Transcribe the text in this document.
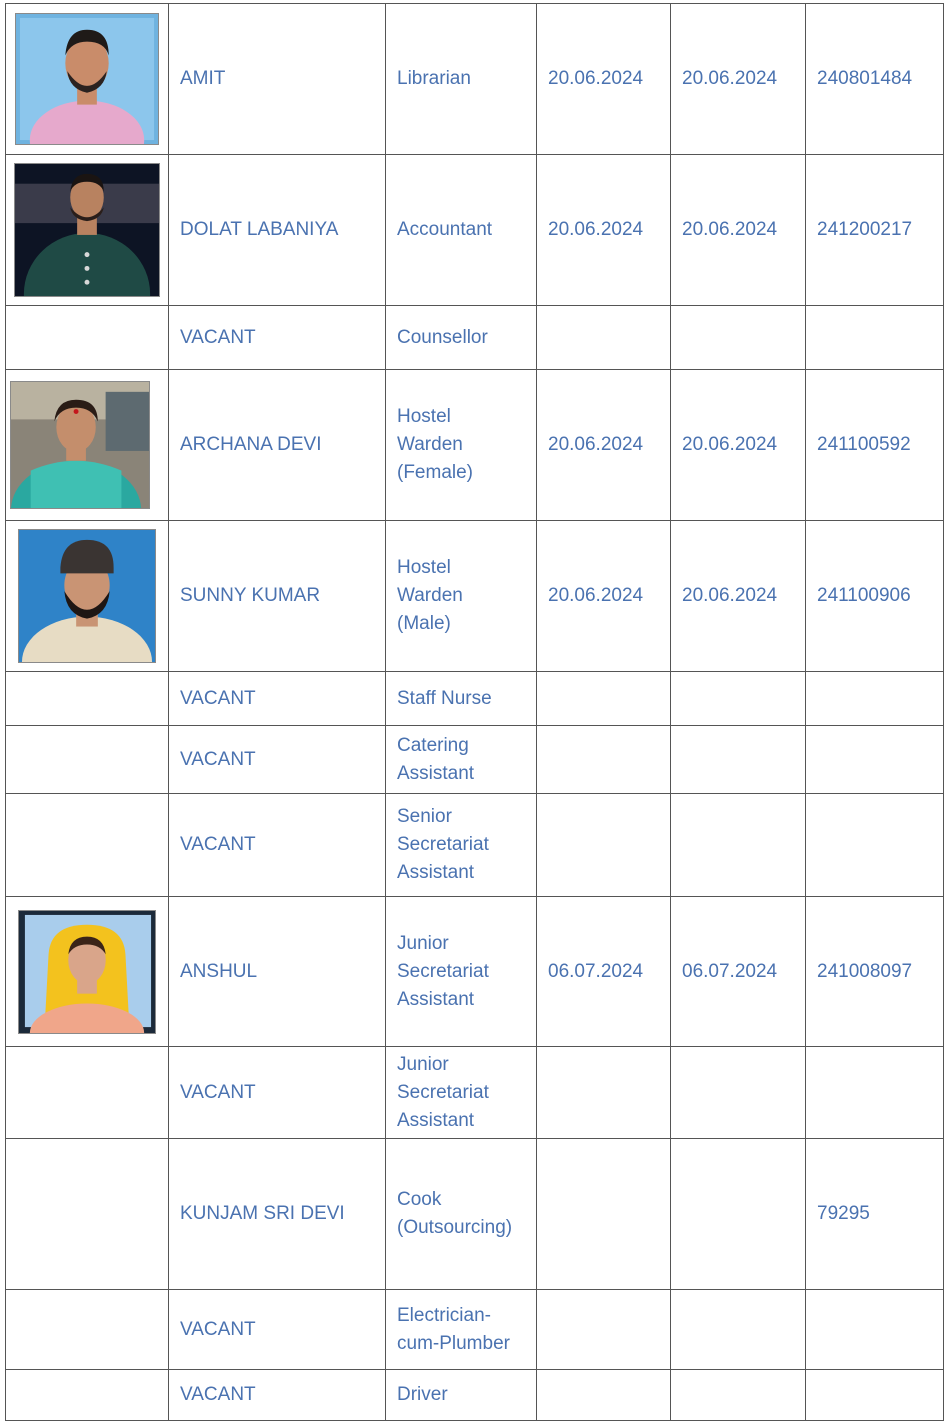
	AMIT	Librarian	20.06.2024	20.06.2024	240801484

	DOLAT LABANIYA	Accountant	20.06.2024	20.06.2024	241200217
	VACANT	Counsellor			

	ARCHANA DEVI	Hostel
Warden
(Female)	20.06.2024	20.06.2024	241100592

	SUNNY KUMAR	Hostel
Warden
(Male)	20.06.2024	20.06.2024	241100906
	VACANT	Staff Nurse			
	VACANT	Catering
Assistant			
	VACANT	Senior
Secretariat
Assistant			

	ANSHUL	Junior
Secretariat
Assistant	06.07.2024	06.07.2024	241008097
	VACANT	Junior
Secretariat
Assistant			
	KUNJAM SRI DEVI	Cook
(Outsourcing)			79295
	VACANT	Electrician-
cum-Plumber			
	VACANT	Driver			
